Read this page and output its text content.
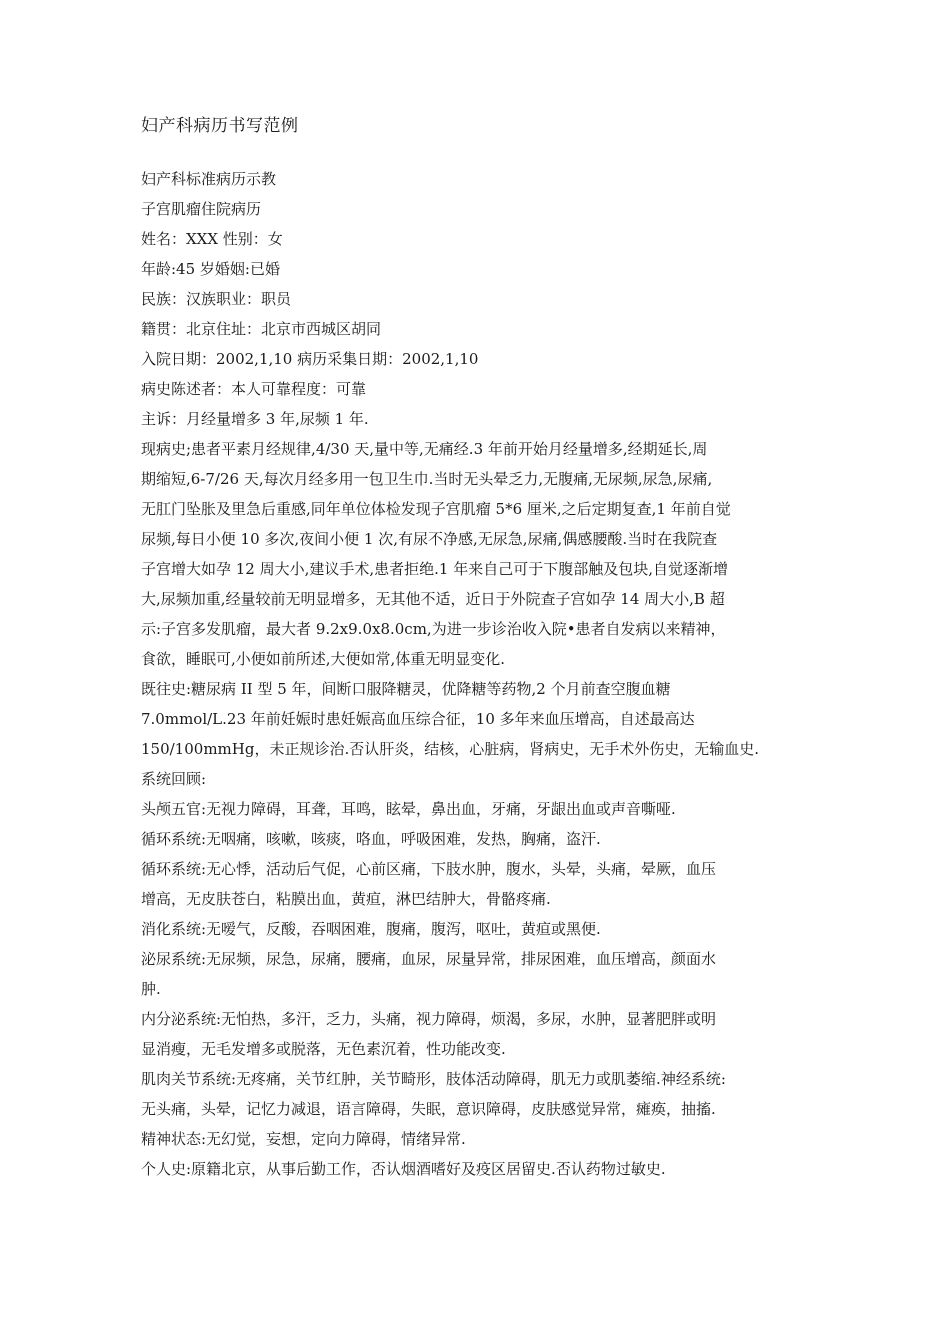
妇产科病历书写范例
妇产科标准病历示教
子宫肌瘤住院病历
姓名：XXX 性别：女
年龄:45 岁婚姻:已婚
民族：汉族职业：职员
籍贯：北京住址：北京市西城区胡同
入院日期：2002,1,10 病历采集日期：2002,1,10
病史陈述者：本人可靠程度：可靠
主诉：月经量增多 3 年,尿频 1 年.
现病史;患者平素月经规律,4/30 天,量中等,无痛经.3 年前开始月经量增多,经期延长,周
期缩短,6-7/26 天,每次月经多用一包卫生巾.当时无头晕乏力,无腹痛,无尿频,尿急,尿痛,
无肛门坠胀及里急后重感,同年单位体检发现子宫肌瘤 5*6 厘米,之后定期复查,1 年前自觉
尿频,每日小便 10 多次,夜间小便 1 次,有尿不净感,无尿急,尿痛,偶感腰酸.当时在我院查
子宫增大如孕 12 周大小,建议手术,患者拒绝.1 年来自己可于下腹部触及包块,自觉逐渐增
大,尿频加重,经量较前无明显增多，无其他不适，近日于外院查子宫如孕 14 周大小,B 超
示:子宫多发肌瘤，最大者 9.2x9.0x8.0cm,为进一步诊治收入院•患者自发病以来精神，
食欲，睡眠可,小便如前所述,大便如常,体重无明显变化.
既往史:糖尿病 II 型 5 年，间断口服降糖灵，优降糖等药物,2 个月前查空腹血糖
7.0mmol/L.23 年前妊娠时患妊娠高血压综合征，10 多年来血压增高，自述最高达
150/100mmHg，未正规诊治.否认肝炎，结核，心脏病，肾病史，无手术外伤史，无输血史.
系统回顾:
头颅五官:无视力障碍，耳聋，耳鸣，眩晕，鼻出血，牙痛，牙龈出血或声音嘶哑.
循环系统:无咽痛，咳嗽，咳痰，咯血，呼吸困难，发热，胸痛，盗汗.
循环系统:无心悸，活动后气促，心前区痛，下肢水肿，腹水，头晕，头痛，晕厥，血压
增高，无皮肤苍白，粘膜出血，黄疸，淋巴结肿大，骨骼疼痛.
消化系统:无嗳气，反酸，吞咽困难，腹痛，腹泻，呕吐，黄疸或黑便.
泌尿系统:无尿频，尿急，尿痛，腰痛，血尿，尿量异常，排尿困难，血压增高，颜面水
肿.
内分泌系统:无怕热，多汗，乏力，头痛，视力障碍，烦渴，多尿，水肿，显著肥胖或明
显消瘦，无毛发增多或脱落，无色素沉着，性功能改变.
肌肉关节系统:无疼痛，关节红肿，关节畸形，肢体活动障碍，肌无力或肌萎缩.神经系统:
无头痛，头晕，记忆力减退，语言障碍，失眠，意识障碍，皮肤感觉异常，瘫痪，抽搐.
精神状态:无幻觉，妄想，定向力障碍，情绪异常.
个人史:原籍北京，从事后勤工作，否认烟酒嗜好及疫区居留史.否认药物过敏史.
